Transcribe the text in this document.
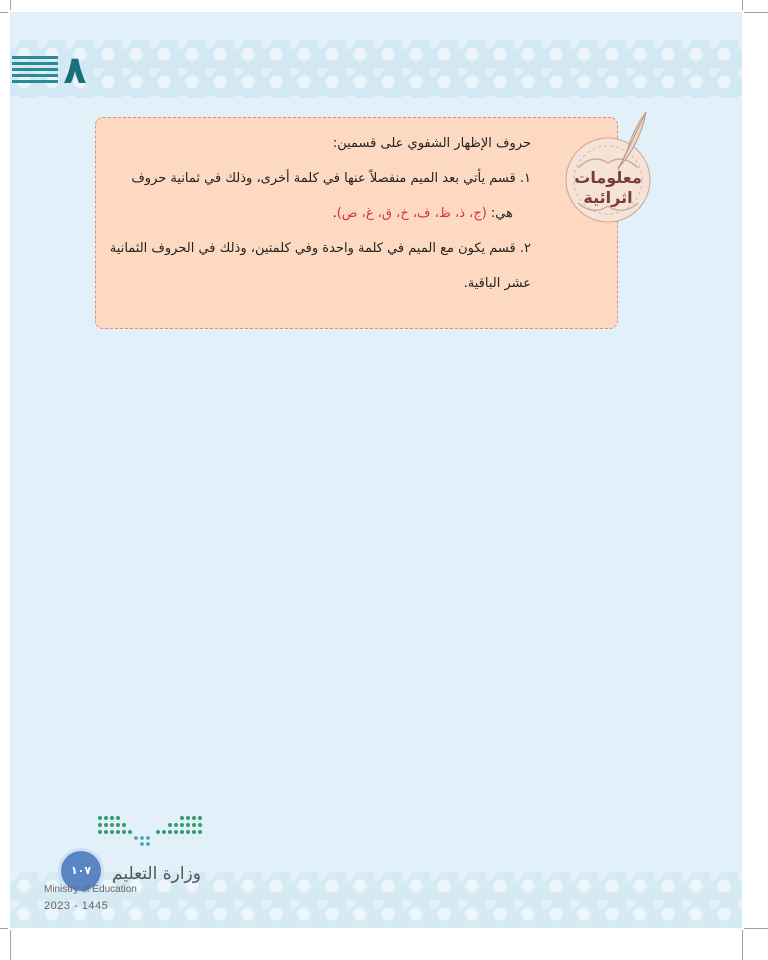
٨

حروف الإظهار الشفوي على قسمين:

١. قسم يأتي بعد الميم منفصلاً عنها في كلمة أخرى، وذلك في ثمانية حروف

هي: (ج، ذ، ظ، ف، خ، ق، غ، ص).

٢. قسم يكون مع الميم في كلمة واحدة وفي كلمتين، وذلك في الحروف الثمانية

عشر الباقية.

معلومات
اثرائية
وزارة التعليم
١٠٧
Ministry of Education
2023 - 1445
